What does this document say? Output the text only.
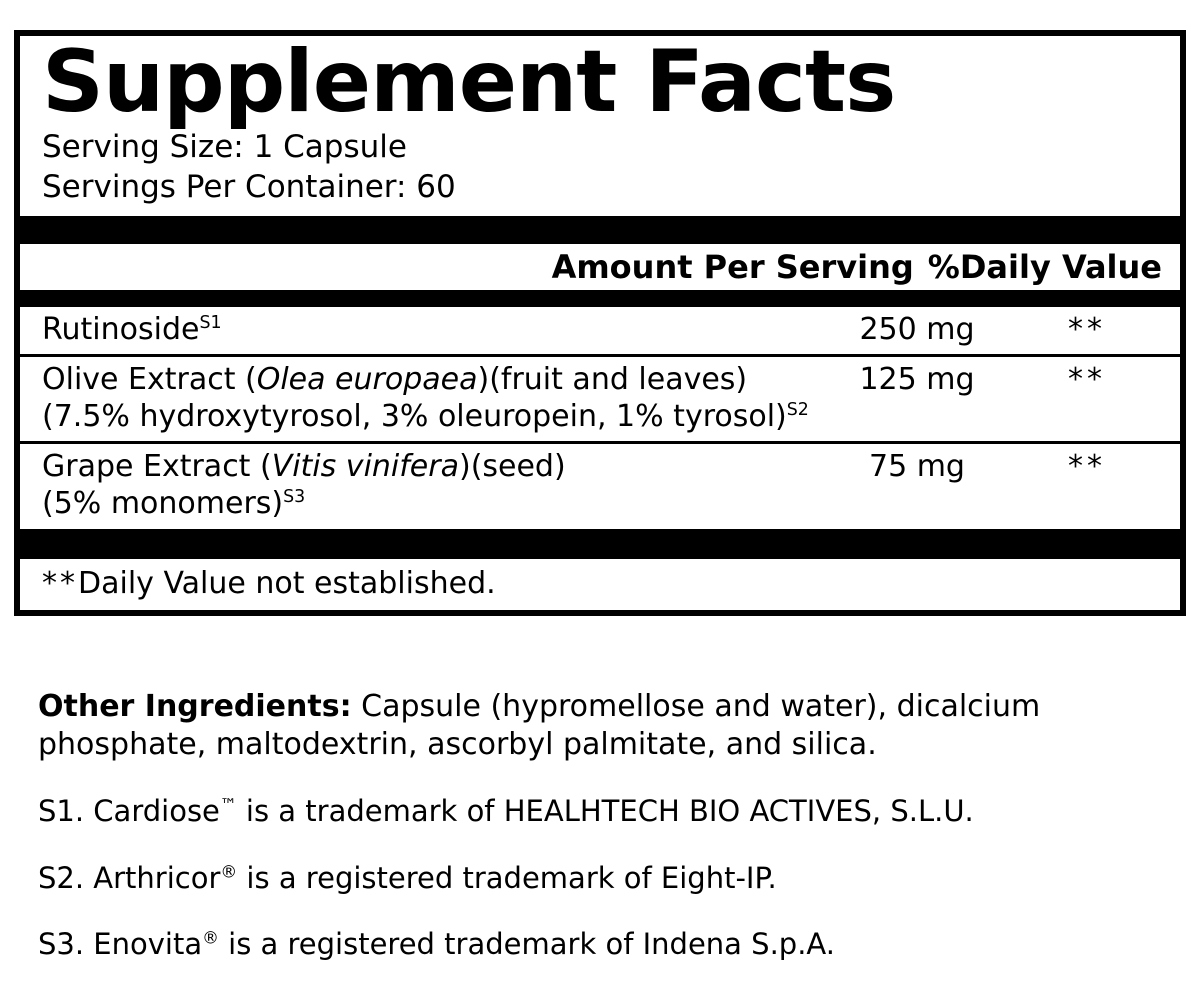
Supplement Facts
Serving Size: 1 Capsule
Servings Per Container: 60
Amount Per Serving %Daily Value
Rutinoside$^{S1}$	250 mg	**
Olive Extract (Olea europaea)(fruit and leaves)
(7.5% hydroxytyrosol, 3% oleuropein, 1% tyrosol)$^{S2}$
125 mg	**
Grape Extract (Vitis vinifera)(seed)
(5% monomers)$^{S3}$
75 mg	**
**Daily Value not established.
Other Ingredients: Capsule (hypromellose and water), dicalcium phosphate, maltodextrin, ascorbyl palmitate, and silica.
S1. Cardiose™ is a trademark of HEALHTECH BIO ACTIVES, S.L.U.
S2. Arthricor® is a registered trademark of Eight-IP.
S3. Enovita® is a registered trademark of Indena S.p.A.
